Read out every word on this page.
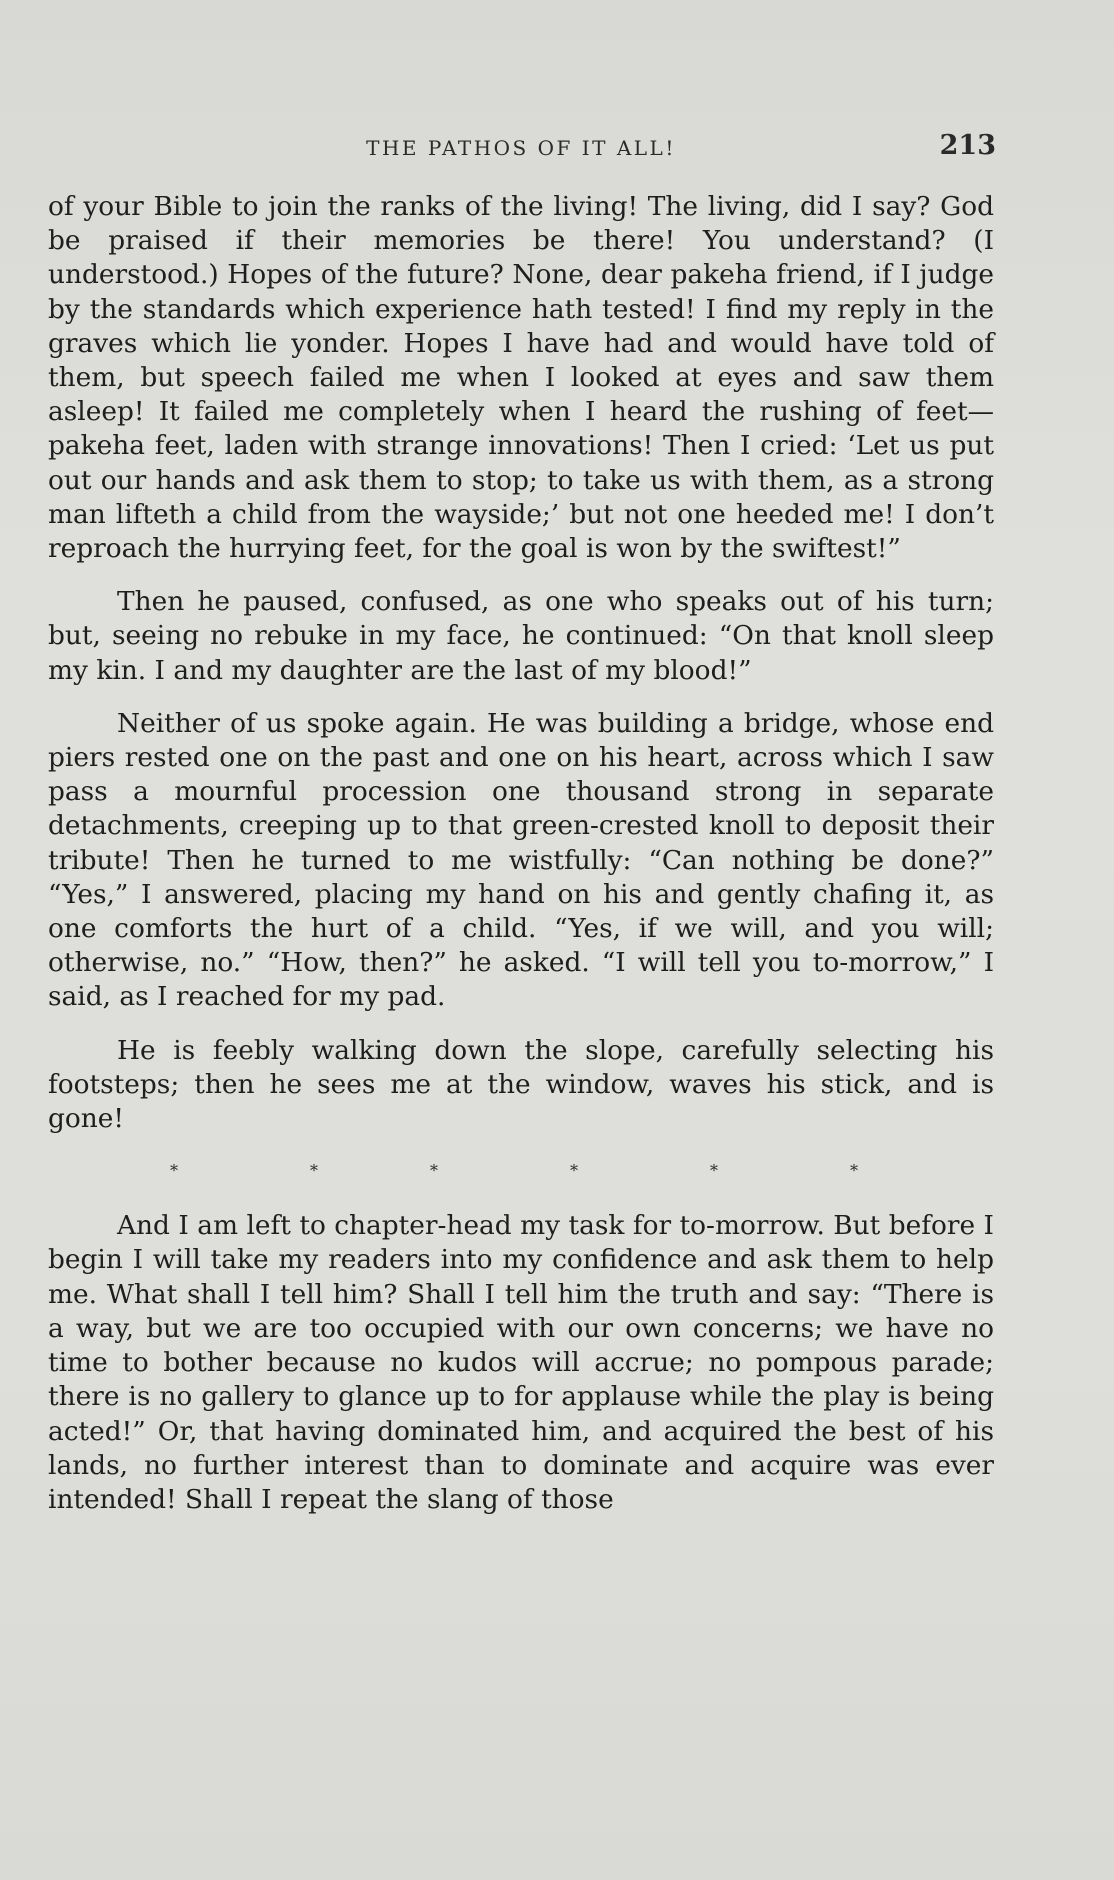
THE PATHOS OF IT ALL!	213

of your Bible to join the ranks of the living! The living, did I say? God be praised if their memories be there! You understand? (I understood.) Hopes of the future? None, dear pakeha friend, if I judge by the standards which experience hath tested! I find my reply in the graves which lie yonder. Hopes I have had and would have told of them, but speech failed me when I looked at eyes and saw them asleep! It failed me completely when I heard the rushing of feet— pakeha feet, laden with strange innovations! Then I cried: ‘Let us put out our hands and ask them to stop; to take us with them, as a strong man lifteth a child from the wayside;’ but not one heeded me! I don’t reproach the hurrying feet, for the goal is won by the swiftest!”

Then he paused, confused, as one who speaks out of his turn; but, seeing no rebuke in my face, he continued: “On that knoll sleep my kin. I and my daughter are the last of my blood!”

Neither of us spoke again. He was building a bridge, whose end piers rested one on the past and one on his heart, across which I saw pass a mournful procession one thousand strong in separate detachments, creeping up to that green-crested knoll to deposit their tribute! Then he turned to me wistfully: “Can nothing be done?” “Yes,” I answered, placing my hand on his and gently chafing it, as one comforts the hurt of a child. “Yes, if we will, and you will; otherwise, no.” “How, then?” he asked. “I will tell you to-morrow,” I said, as I reached for my pad.

He is feebly walking down the slope, carefully selecting his footsteps; then he sees me at the window, waves his stick, and is gone!

*	*	*	*	*	*

And I am left to chapter-head my task for to-morrow. But before I begin I will take my readers into my confidence and ask them to help me. What shall I tell him? Shall I tell him the truth and say: “There is a way, but we are too occupied with our own concerns; we have no time to bother because no kudos will accrue; no pompous parade; there is no gallery to glance up to for applause while the play is being acted!” Or, that having dominated him, and acquired the best of his lands, no further interest than to dominate and acquire was ever intended! Shall I repeat the slang of those
